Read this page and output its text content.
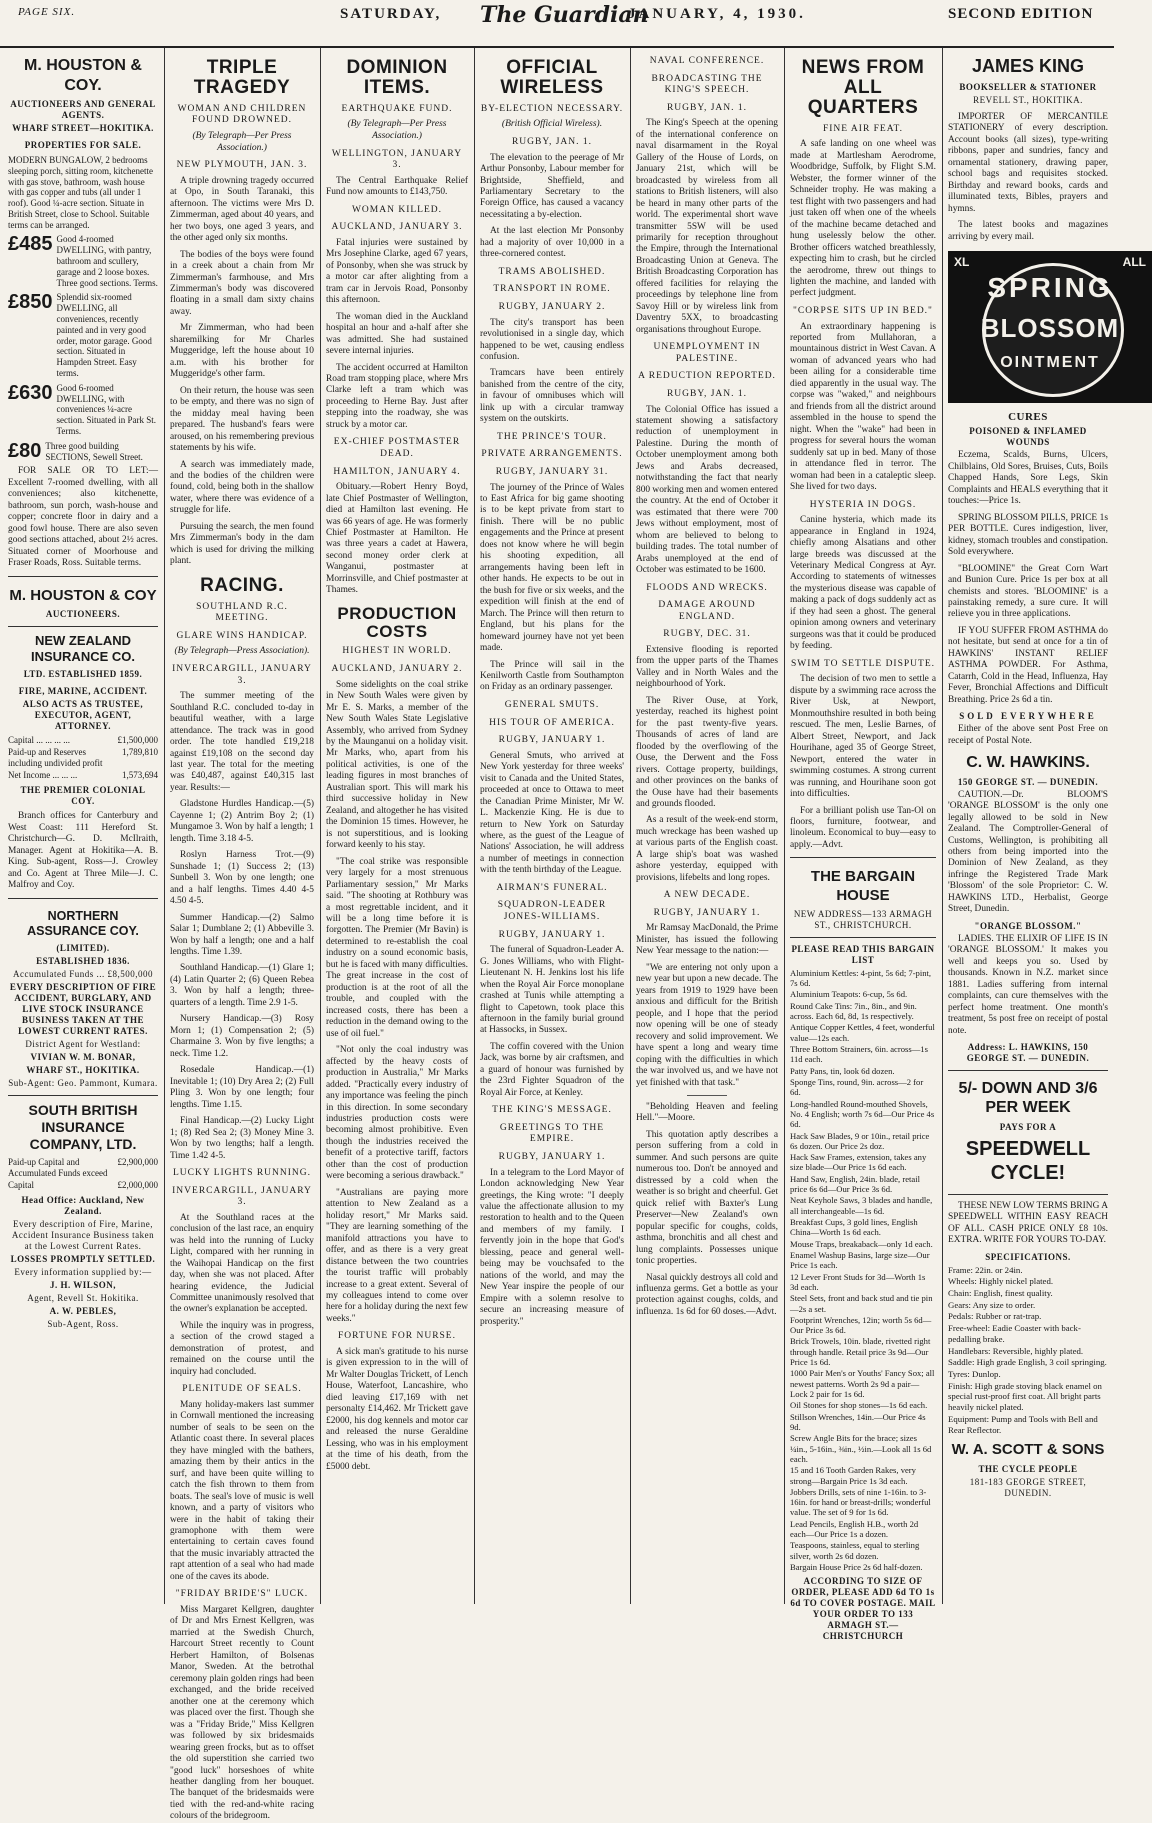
PAGE SIX.	SATURDAY, The Guardian
JANUARY, 4, 1930.	SECOND EDITION
M. HOUSTON & COY.
AUCTIONEERS AND GENERAL AGENTS.
WHARF STREET—HOKITIKA.
PROPERTIES FOR SALE.
MODERN BUNGALOW, 2 bedrooms sleeping porch, sitting room, kitchenette with gas stove, bathroom, wash house with gas copper and tubs (all under 1 roof). Good ¼-acre section. Situate in British Street, close to School. Suitable terms can be arranged.
£485 Good 4-roomed DWELLING, with pantry, bathroom and scullery, garage and 2 loose boxes. Three good sections. Terms.
£850 Splendid six-roomed DWELLING, all conveniences, recently painted and in very good order, motor garage. Good section. Situated in Hampden Street. Easy terms.
£630 Good 6-roomed DWELLING, with conveniences ¼-acre section. Situated in Park St. Terms.
£80 Three good building SECTIONS, Sewell Street.

FOR SALE OR TO LET:—Excellent 7-roomed dwelling, with all conveniences; also kitchenette, bathroom, sun porch, wash-house and copper; concrete floor in dairy and a good fowl house. There are also seven good sections attached, about 2½ acres. Situated corner of Moorhouse and Fraser Roads, Ross. Suitable terms.

M. HOUSTON & COY
AUCTIONEERS.
NEW ZEALAND INSURANCE CO.
LTD. ESTABLISHED 1859.
FIRE, MARINE, ACCIDENT.
ALSO ACTS AS TRUSTEE, EXECUTOR, AGENT, ATTORNEY.
Capital ... ... ... ...	£1,500,000
Paid-up and Reserves including undivided profit
1,789,810
Net Income ... ... ...	1,573,694
THE PREMIER COLONIAL COY.

Branch offices for Canterbury and West Coast: 111 Hereford St. Christchurch—G. D. McIlraith, Manager. Agent at Hokitika—A. B. King. Sub-agent, Ross—J. Crowley and Co. Agent at Three Mile—J. C. Malfroy and Coy.

NORTHERN ASSURANCE COY.
(LIMITED).
ESTABLISHED 1836.
Accumulated Funds ... £8,500,000
EVERY DESCRIPTION OF FIRE ACCIDENT, BURGLARY, AND LIVE STOCK INSURANCE BUSINESS TAKEN AT THE LOWEST CURRENT RATES.
District Agent for Westland:
VIVIAN W. M. BONAR,
WHARF ST., HOKITIKA.
Sub-Agent: Geo. Pammont, Kumara.
SOUTH BRITISH INSURANCE COMPANY, LTD.
Paid-up Capital and Accumulated Funds exceed
£2,900,000
Capital	£2,000,000
Head Office: Auckland, New Zealand.
Every description of Fire, Marine, Accident Insurance Business taken at the Lowest Current Rates.
LOSSES PROMPTLY SETTLED.
Every information supplied by:—
J. H. WILSON,
Agent, Revell St. Hokitika.
A. W. PEBLES,
Sub-Agent, Ross.
TRIPLE TRAGEDY
WOMAN AND CHILDREN FOUND DROWNED.
(By Telegraph—Per Press Association.)
NEW PLYMOUTH, JAN. 3.

A triple drowning tragedy occurred at Opo, in South Taranaki, this afternoon. The victims were Mrs D. Zimmerman, aged about 40 years, and her two boys, one aged 3 years, and the other aged only six months.

The bodies of the boys were found in a creek about a chain from Mr Zimmerman's farmhouse, and Mrs Zimmerman's body was discovered floating in a small dam sixty chains away.

Mr Zimmerman, who had been sharemilking for Mr Charles Muggeridge, left the house about 10 a.m. with his brother for Muggeridge's other farm.

On their return, the house was seen to be empty, and there was no sign of the midday meal having been prepared. The husband's fears were aroused, on his remembering previous statements by his wife.

A search was immediately made, and the bodies of the children were found, cold, being both in the shallow water, where there was evidence of a struggle for life.

Pursuing the search, the men found Mrs Zimmerman's body in the dam which is used for driving the milking plant.

RACING.
SOUTHLAND R.C. MEETING.
GLARE WINS HANDICAP.
(By Telegraph—Press Association).
INVERCARGILL, JANUARY 3.

The summer meeting of the Southland R.C. concluded to-day in beautiful weather, with a large attendance. The track was in good order. The tote handled £19,218 against £19,108 on the second day last year. The total for the meeting was £40,487, against £40,315 last year. Results:—

Gladstone Hurdles Handicap.—(5) Cayenne 1; (2) Antrim Boy 2; (1) Mungamoe 3. Won by half a length; 1 length. Time 3.18 4-5.

Roslyn Harness Trot.—(9) Sunshade 1; (1) Success 2; (13) Sunbell 3. Won by one length; one and a half lengths. Times 4.40 4-5 4.50 4-5.

Summer Handicap.—(2) Salmo Salar 1; Dumblane 2; (1) Abbeville 3. Won by half a length; one and a half lengths. Time 1.39.

Southland Handicap.—(1) Glare 1; (4) Latin Quarter 2; (6) Queen Rebea 3. Won by half a length; three-quarters of a length. Time 2.9 1-5.

Nursery Handicap.—(3) Rosy Morn 1; (1) Compensation 2; (5) Charmaine 3. Won by five lengths; a neck. Time 1.2.

Rosedale Handicap.—(1) Inevitable 1; (10) Dry Area 2; (2) Full Pling 3. Won by one length; four lengths. Time 1.15.

Final Handicap.—(2) Lucky Light 1; (8) Red Sea 2; (3) Money Mine 3. Won by two lengths; half a length. Time 1.42 4-5.

LUCKY LIGHTS RUNNING.
INVERCARGILL, JANUARY 3.

At the Southland races at the conclusion of the last race, an enquiry was held into the running of Lucky Light, compared with her running in the Waihopai Handicap on the first day, when she was not placed. After hearing evidence, the Judicial Committee unanimously resolved that the owner's explanation be accepted.

While the inquiry was in progress, a section of the crowd staged a demonstration of protest, and remained on the course until the inquiry had concluded.

PLENITUDE OF SEALS.

Many holiday-makers last summer in Cornwall mentioned the increasing number of seals to be seen on the Atlantic coast there. In several places they have mingled with the bathers, amazing them by their antics in the surf, and have been quite willing to catch the fish thrown to them from boats. The seal's love of music is well known, and a party of visitors who were in the habit of taking their gramophone with them were entertaining to certain caves found that the music invariably attracted the rapt attention of a seal who had made one of the caves its abode.

"FRIDAY BRIDE'S" LUCK.

Miss Margaret Kellgren, daughter of Dr and Mrs Ernest Kellgren, was married at the Swedish Church, Harcourt Street recently to Count Herbert Hamilton, of Bolsenas Manor, Sweden. At the betrothal ceremony plain golden rings had been exchanged, and the bride received another one at the ceremony which was placed over the first. Though she was a "Friday Bride," Miss Kellgren was followed by six bridesmaids wearing green frocks, but as to offset the old superstition she carried two "good luck" horseshoes of white heather dangling from her bouquet. The banquet of the bridesmaids were tied with the red-and-white racing colours of the bridegroom.

DOMINION ITEMS.
EARTHQUAKE FUND.
(By Telegraph—Per Press Association.)
WELLINGTON, JANUARY 3.

The Central Earthquake Relief Fund now amounts to £143,750.

WOMAN KILLED.
AUCKLAND, JANUARY 3.

Fatal injuries were sustained by Mrs Josephine Clarke, aged 67 years, of Ponsonby, when she was struck by a motor car after alighting from a tram car in Jervois Road, Ponsonby this afternoon.

The woman died in the Auckland hospital an hour and a-half after she was admitted. She had sustained severe internal injuries.

The accident occurred at Hamilton Road tram stopping place, where Mrs Clarke left a tram which was proceeding to Herne Bay. Just after stepping into the roadway, she was struck by a motor car.

EX-CHIEF POSTMASTER DEAD.
HAMILTON, JANUARY 4.

Obituary.—Robert Henry Boyd, late Chief Postmaster of Wellington, died at Hamilton last evening. He was 66 years of age. He was formerly Chief Postmaster at Hamilton. He was three years a cadet at Hawera, second money order clerk at Wanganui, postmaster at Morrinsville, and Chief postmaster at Thames.

PRODUCTION COSTS
HIGHEST IN WORLD.
AUCKLAND, JANUARY 2.

Some sidelights on the coal strike in New South Wales were given by Mr E. S. Marks, a member of the New South Wales State Legislative Assembly, who arrived from Sydney by the Maunganui on a holiday visit. Mr Marks, who, apart from his political activities, is one of the leading figures in most branches of Australian sport. This will mark his third successive holiday in New Zealand, and altogether he has visited the Dominion 15 times. However, he is not superstitious, and is looking forward keenly to his stay.

"The coal strike was responsible very largely for a most strenuous Parliamentary session," Mr Marks said. "The shooting at Rothbury was a most regrettable incident, and it will be a long time before it is forgotten. The Premier (Mr Bavin) is determined to re-establish the coal industry on a sound economic basis, but he is faced with many difficulties. The great increase in the cost of production is at the root of all the trouble, and coupled with the increased costs, there has been a reduction in the demand owing to the use of oil fuel."

"Not only the coal industry was affected by the heavy costs of production in Australia," Mr Marks added. "Practically every industry of any importance was feeling the pinch in this direction. In some secondary industries production costs were becoming almost prohibitive. Even though the industries received the benefit of a protective tariff, factors other than the cost of production were becoming a serious drawback."

"Australians are paying more attention to New Zealand as a holiday resort," Mr Marks said. "They are learning something of the manifold attractions you have to offer, and as there is a very great distance between the two countries the tourist traffic will probably increase to a great extent. Several of my colleagues intend to come over here for a holiday during the next few weeks."

FORTUNE FOR NURSE.

A sick man's gratitude to his nurse is given expression to in the will of Mr Walter Douglas Trickett, of Lench House, Waterfoot, Lancashire, who died leaving £17,169 with net personalty £14,462. Mr Trickett gave £2000, his dog kennels and motor car and released the nurse Geraldine Lessing, who was in his employment at the time of his death, from the £5000 debt.

OFFICIAL WIRELESS
BY-ELECTION NECESSARY.
(British Official Wireless).
RUGBY, JAN. 1.

The elevation to the peerage of Mr Arthur Ponsonby, Labour member for Brightside, Sheffield, and Parliamentary Secretary to the Foreign Office, has caused a vacancy necessitating a by-election.

At the last election Mr Ponsonby had a majority of over 10,000 in a three-cornered contest.

TRAMS ABOLISHED.
TRANSPORT IN ROME.
RUGBY, JANUARY 2.

The city's transport has been revolutionised in a single day, which happened to be wet, causing endless confusion.

Tramcars have been entirely banished from the centre of the city, in favour of omnibuses which will link up with a circular tramway system on the outskirts.

THE PRINCE'S TOUR.
PRIVATE ARRANGEMENTS.
RUGBY, JANUARY 31.

The journey of the Prince of Wales to East Africa for big game shooting is to be kept private from start to finish. There will be no public engagements and the Prince at present does not know where he will begin his shooting expedition, all arrangements having been left in other hands. He expects to be out in the bush for five or six weeks, and the expedition will finish at the end of March. The Prince will then return to England, but his plans for the homeward journey have not yet been made.

The Prince will sail in the Kenilworth Castle from Southampton on Friday as an ordinary passenger.

GENERAL SMUTS.
HIS TOUR OF AMERICA.
RUGBY, JANUARY 1.

General Smuts, who arrived at New York yesterday for three weeks' visit to Canada and the United States, proceeded at once to Ottawa to meet the Canadian Prime Minister, Mr W. L. Mackenzie King. He is due to return to New York on Saturday where, as the guest of the League of Nations' Association, he will address a number of meetings in connection with the tenth birthday of the League.

AIRMAN'S FUNERAL.
SQUADRON-LEADER JONES-WILLIAMS.
RUGBY, JANUARY 1.

The funeral of Squadron-Leader A. G. Jones Williams, who with Flight-Lieutenant N. H. Jenkins lost his life when the Royal Air Force monoplane crashed at Tunis while attempting a flight to Capetown, took place this afternoon in the family burial ground at Hassocks, in Sussex.

The coffin covered with the Union Jack, was borne by air craftsmen, and a guard of honour was furnished by the 23rd Fighter Squadron of the Royal Air Force, at Kenley.

THE KING'S MESSAGE.
GREETINGS TO THE EMPIRE.
RUGBY, JANUARY 1.

In a telegram to the Lord Mayor of London acknowledging New Year greetings, the King wrote: "I deeply value the affectionate allusion to my restoration to health and to the Queen and members of my family. I fervently join in the hope that God's blessing, peace and general well-being may be vouchsafed to the nations of the world, and may the New Year inspire the people of our Empire with a solemn resolve to secure an increasing measure of prosperity."

NAVAL CONFERENCE.
BROADCASTING THE KING'S SPEECH.
RUGBY, JAN. 1.

The King's Speech at the opening of the international conference on naval disarmament in the Royal Gallery of the House of Lords, on January 21st, which will be broadcasted by wireless from all stations to British listeners, will also be heard in many other parts of the world. The experimental short wave transmitter 5SW will be used primarily for reception throughout the Empire, through the International Broadcasting Union at Geneva. The British Broadcasting Corporation has offered facilities for relaying the proceedings by telephone line from Savoy Hill or by wireless link from Daventry 5XX, to broadcasting organisations throughout Europe.

UNEMPLOYMENT IN PALESTINE.
A REDUCTION REPORTED.
RUGBY, JAN. 1.

The Colonial Office has issued a statement showing a satisfactory reduction of unemployment in Palestine. During the month of October unemployment among both Jews and Arabs decreased, notwithstanding the fact that nearly 800 working men and women entered the country. At the end of October it was estimated that there were 700 Jews without employment, most of whom are believed to belong to building trades. The total number of Arabs unemployed at the end of October was estimated to be 1600.

FLOODS AND WRECKS.
DAMAGE AROUND ENGLAND.
RUGBY, DEC. 31.

Extensive flooding is reported from the upper parts of the Thames Valley and in North Wales and the neighbourhood of York.

The River Ouse, at York, yesterday, reached its highest point for the past twenty-five years. Thousands of acres of land are flooded by the overflowing of the Ouse, the Derwent and the Foss rivers. Cottage property, buildings, and other provinces on the banks of the Ouse have had their basements and grounds flooded.

As a result of the week-end storm, much wreckage has been washed up at various parts of the English coast. A large ship's boat was washed ashore yesterday, equipped with provisions, lifebelts and long ropes.

A NEW DECADE.
RUGBY, JANUARY 1.

Mr Ramsay MacDonald, the Prime Minister, has issued the following New Year message to the nation:—

"We are entering not only upon a new year but upon a new decade. The years from 1919 to 1929 have been anxious and difficult for the British people, and I hope that the period now opening will be one of steady recovery and solid improvement. We have spent a long and weary time coping with the difficulties in which the war involved us, and we have not yet finished with that task."

"Beholding Heaven and feeling Hell."—Moore.

This quotation aptly describes a person suffering from a cold in summer. And such persons are quite numerous too. Don't be annoyed and distressed by a cold when the weather is so bright and cheerful. Get quick relief with Baxter's Lung Preserver—New Zealand's own popular specific for coughs, colds, asthma, bronchitis and all chest and lung complaints. Possesses unique tonic properties.

Nasal quickly destroys all cold and influenza germs. Get a bottle as your protection against coughs, colds, and influenza. 1s 6d for 60 doses.—Advt.

NEWS FROM ALL QUARTERS
FINE AIR FEAT.

A safe landing on one wheel was made at Martlesham Aerodrome, Woodbridge, Suffolk, by Flight S.M. Webster, the former winner of the Schneider trophy. He was making a test flight with two passengers and had just taken off when one of the wheels of the machine became detached and hung uselessly below the other. Brother officers watched breathlessly, expecting him to crash, but he circled the aerodrome, threw out things to lighten the machine, and landed with perfect judgment.

"CORPSE SITS UP IN BED."

An extraordinary happening is reported from Mullahoran, a mountainous district in West Cavan. A woman of advanced years who had been ailing for a considerable time died apparently in the usual way. The corpse was "waked," and neighbours and friends from all the district around assembled in the house to spend the night. When the "wake" had been in progress for several hours the woman suddenly sat up in bed. Many of those in attendance fled in terror. The woman had been in a cataleptic sleep. She lived for two days.

HYSTERIA IN DOGS.

Canine hysteria, which made its appearance in England in 1924, chiefly among Alsatians and other large breeds was discussed at the Veterinary Medical Congress at Ayr. According to statements of witnesses the mysterious disease was capable of making a pack of dogs suddenly act as if they had seen a ghost. The general opinion among owners and veterinary surgeons was that it could be produced by feeding.

SWIM TO SETTLE DISPUTE.

The decision of two men to settle a dispute by a swimming race across the River Usk, at Newport, Monmouthshire resulted in both being rescued. The men, Leslie Barnes, of Albert Street, Newport, and Jack Hourihane, aged 35 of George Street, Newport, entered the water in swimming costumes. A strong current was running, and Hourihane soon got into difficulties.

For a brilliant polish use Tan-Ol on floors, furniture, footwear, and linoleum. Economical to buy—easy to apply.—Advt.

THE BARGAIN HOUSE
NEW ADDRESS—133 ARMAGH ST., CHRISTCHURCH.
PLEASE READ THIS BARGAIN LIST
Aluminium Kettles: 4-pint, 5s 6d; 7-pint, 7s 6d.
Aluminium Teapots: 6-cup, 5s 6d.
Round Cake Tins: 7in., 8in., and 9in. across. Each 6d, 8d, 1s respectively.
Antique Copper Kettles, 4 feet, wonderful value—12s each.
Three Bottom Strainers, 6in. across—1s 11d each.
Patty Pans, tin, look 6d dozen.
Sponge Tins, round, 9in. across—2 for 6d.
Long-handled Round-mouthed Shovels, No. 4 English; worth 7s 6d—Our Price 4s 6d.
Hack Saw Blades, 9 or 10in., retail price 6s dozen. Our Price 2s doz.
Hack Saw Frames, extension, takes any size blade—Our Price 1s 6d each.
Hand Saw, English, 24in. blade, retail price 6s 6d—Our Price 3s 6d.
Neat Keyhole Saws, 3 blades and handle, all interchangeable—1s 6d.
Breakfast Cups, 3 gold lines, English China—Worth 1s 6d each.
Mouse Traps, breakaback—only 1d each.
Enamel Washup Basins, large size—Our Price 1s each.
12 Lever Front Studs for 3d—Worth 1s 3d each.
Steel Sets, front and back stud and tie pin—2s a set.
Footprint Wrenches, 12in; worth 5s 6d—Our Price 3s 6d.
Brick Trowels, 10in. blade, rivetted right through handle. Retail price 3s 9d—Our Price 1s 6d.
1000 Pair Men's or Youths' Fancy Sox; all newest patterns. Worth 2s 9d a pair—Lock 2 pair for 1s 6d.
Oil Stones for shop stones—1s 6d each.
Stillson Wrenches, 14in.—Our Price 4s 9d.
Screw Angle Bits for the brace; sizes ¼in., 5-16in., ⅜in., ½in.—Look all 1s 6d each.
15 and 16 Tooth Garden Rakes, very strong—Bargain Price 1s 3d each.
Jobbers Drills, sets of nine 1-16in. to 3-16in. for hand or breast-drills; wonderful value. The set of 9 for 1s 6d.
Lead Pencils, English H.B., worth 2d each—Our Price 1s a dozen.
Teaspoons, stainless, equal to sterling silver, worth 2s 6d dozen.
Bargain House Price 2s 6d half-dozen.
ACCORDING TO SIZE OF ORDER, PLEASE ADD 6d TO 1s 6d TO COVER POSTAGE. MAIL YOUR ORDER TO 133 ARMAGH ST.—CHRISTCHURCH
JAMES KING
BOOKSELLER & STATIONER
REVELL ST., HOKITIKA.

IMPORTER OF MERCANTILE STATIONERY of every description. Account books (all sizes), type-writing ribbons, paper and sundries, fancy and ornamental stationery, drawing paper, school bags and requisites stocked. Birthday and reward books, cards and illuminated texts, Bibles, prayers and hymns.

The latest books and magazines arriving by every mail.

XL	ALL
SPRING
BLOSSOM
OINTMENT
CURES
POISONED & INFLAMED WOUNDS

Eczema, Scalds, Burns, Ulcers, Chilblains, Old Sores, Bruises, Cuts, Boils Chapped Hands, Sore Legs, Skin Complaints and HEALS everything that it touches:—Price 1s.

SPRING BLOSSOM PILLS, PRICE 1s PER BOTTLE. Cures indigestion, liver, kidney, stomach troubles and constipation. Sold everywhere.

"BLOOMINE" the Great Corn Wart and Bunion Cure. Price 1s per box at all chemists and stores. 'BLOOMINE' is a painstaking remedy, a sure cure. It will relieve you in three applications.

IF YOU SUFFER FROM ASTHMA do not hesitate, but send at once for a tin of HAWKINS' INSTANT RELIEF ASTHMA POWDER. For Asthma, Catarrh, Cold in the Head, Influenza, Hay Fever, Bronchial Affections and Difficult Breathing. Price 2s 6d a tin.

SOLD EVERYWHERE

Either of the above sent Post Free on receipt of Postal Note.

C. W. HAWKINS.
150 GEORGE ST. — DUNEDIN.

CAUTION.—Dr. BLOOM'S 'ORANGE BLOSSOM' is the only one legally allowed to be sold in New Zealand. The Comptroller-General of Customs, Wellington, is prohibiting all others from being imported into the Dominion of New Zealand, as they infringe the Registered Trade Mark 'Blossom' of the sole Proprietor: C. W. HAWKINS LTD., Herbalist, George Street, Dunedin.

"ORANGE BLOSSOM."

LADIES. THE ELIXIR OF LIFE IS IN 'ORANGE BLOSSOM.' It makes you well and keeps you so. Used by thousands. Known in N.Z. market since 1881. Ladies suffering from internal complaints, can cure themselves with the perfect home treatment. One month's treatment, 5s post free on receipt of postal note.

Address: L. HAWKINS, 150 GEORGE ST. — DUNEDIN.
5/- DOWN AND 3/6 PER WEEK
PAYS FOR A
SPEEDWELL CYCLE!

THESE NEW LOW TERMS BRING A SPEEDWELL WITHIN EASY REACH OF ALL. CASH PRICE ONLY £8 10s. EXTRA. WRITE FOR YOURS TO-DAY.

SPECIFICATIONS.
Frame: 22in. or 24in.
Wheels: Highly nickel plated.
Chain: English, finest quality.
Gears: Any size to order.
Pedals: Rubber or rat-trap.
Free-wheel: Eadie Coaster with back-pedalling brake.
Handlebars: Reversible, highly plated.
Saddle: High grade English, 3 coil springing.
Tyres: Dunlop.
Finish: High grade stoving black enamel on special rust-proof first coat. All bright parts heavily nickel plated.
Equipment: Pump and Tools with Bell and Rear Reflector.
W. A. SCOTT & SONS
THE CYCLE PEOPLE
181-183 GEORGE STREET, DUNEDIN.
